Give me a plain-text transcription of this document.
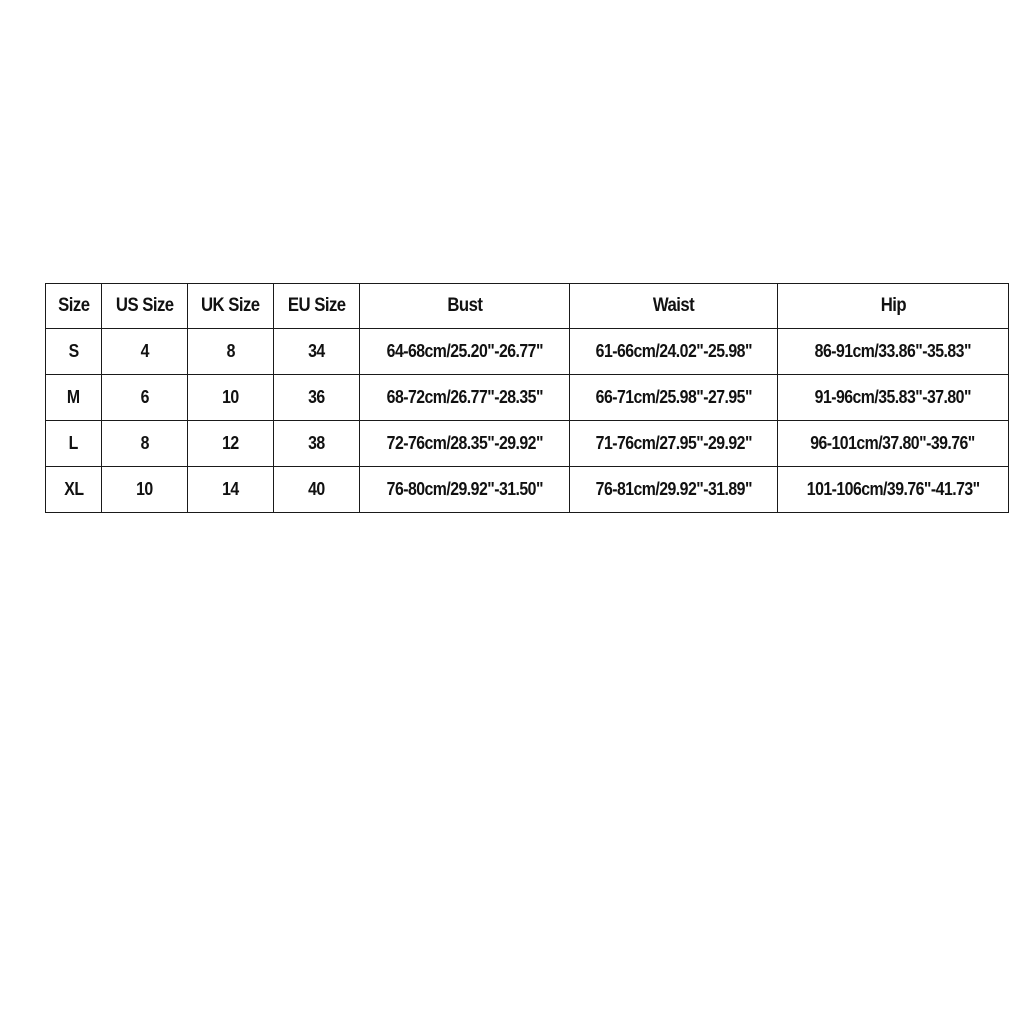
Size	US Size	UK Size	EU Size	Bust	Waist	Hip
S	4	8	34	64-68cm/25.20"-26.77"	61-66cm/24.02"-25.98"	86-91cm/33.86"-35.83"
M	6	10	36	68-72cm/26.77"-28.35"	66-71cm/25.98"-27.95"	91-96cm/35.83"-37.80"
L	8	12	38	72-76cm/28.35"-29.92"	71-76cm/27.95"-29.92"	96-101cm/37.80"-39.76"
XL	10	14	40	76-80cm/29.92"-31.50"	76-81cm/29.92"-31.89"	101-106cm/39.76"-41.73"
